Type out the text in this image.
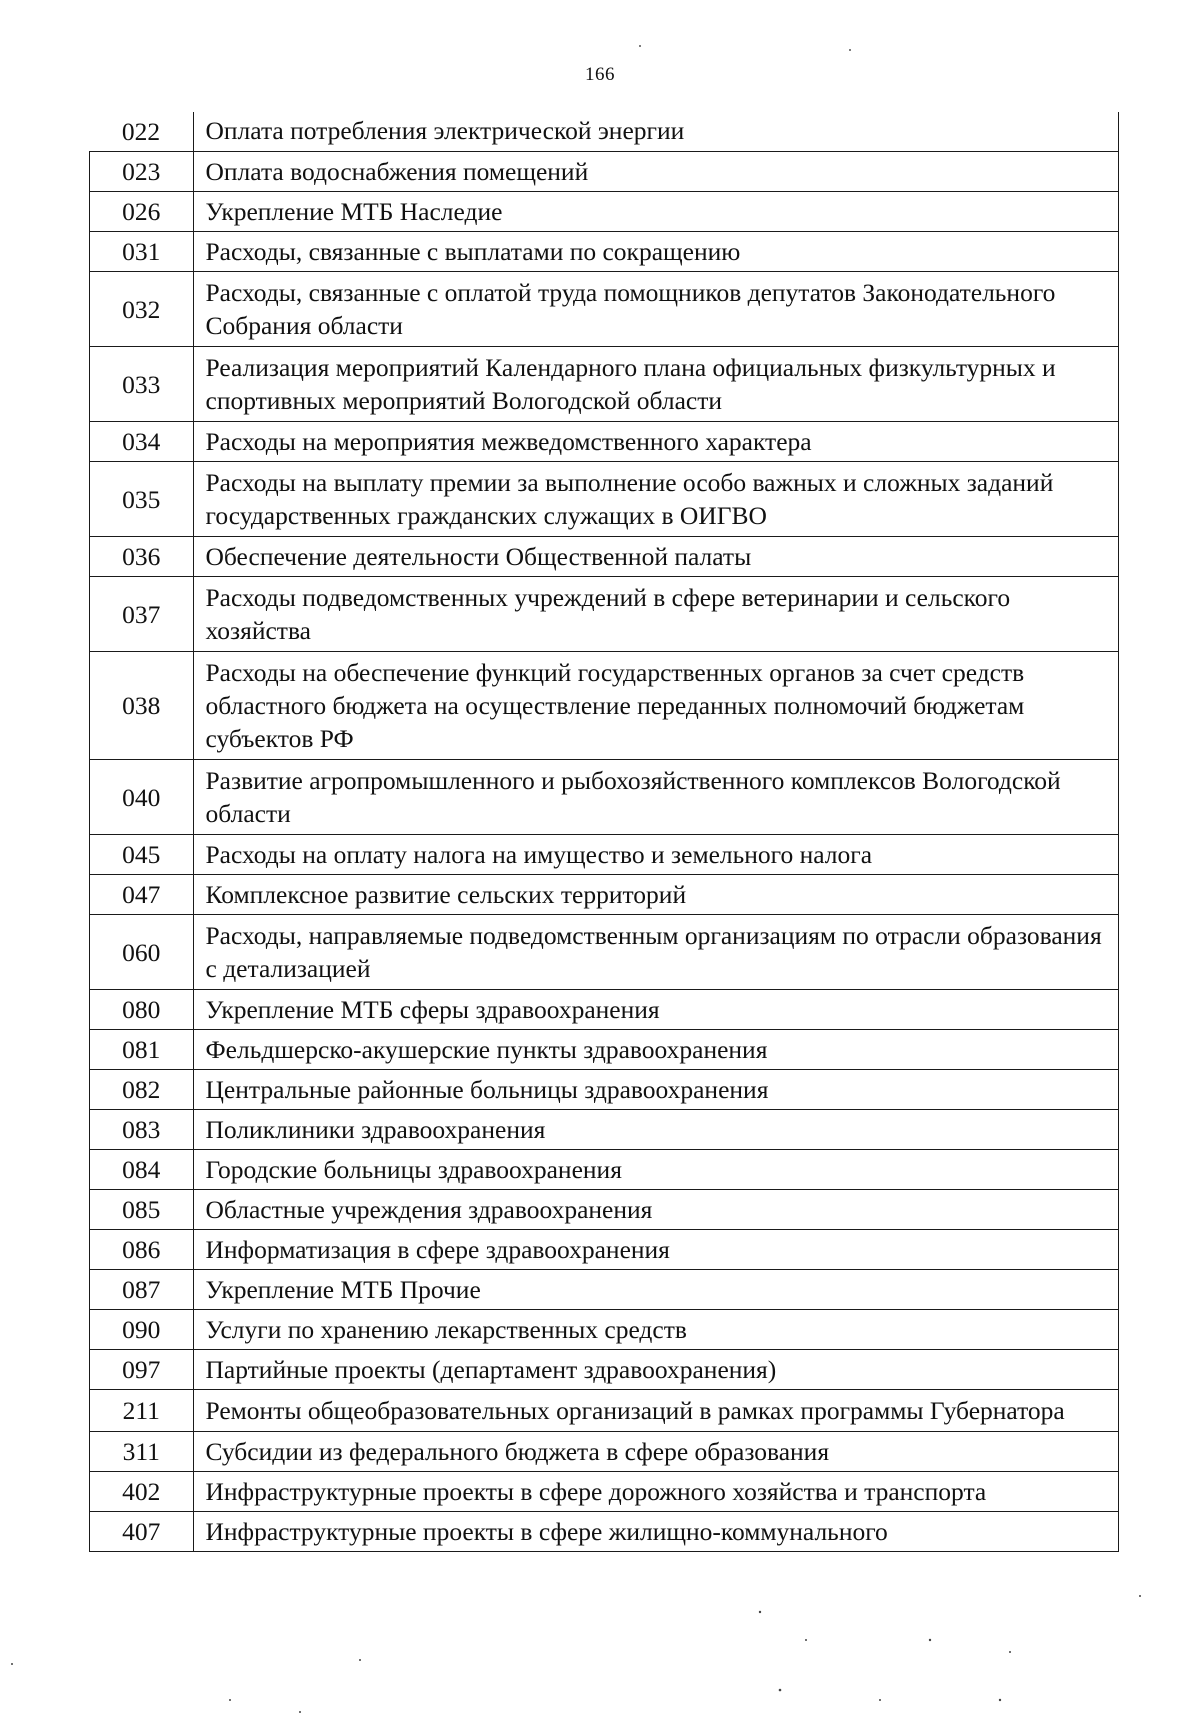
166
022	Оплата потребления электрической энергии
023	Оплата водоснабжения помещений
026	Укрепление МТБ Наследие
031	Расходы, связанные с выплатами по сокращению
032	Расходы, связанные с оплатой труда помощников депутатов Законодательного Собрания области
033	Реализация мероприятий Календарного плана официальных физкультурных и спортивных мероприятий Вологодской области
034	Расходы на мероприятия межведомственного характера
035	Расходы на выплату премии за выполнение особо важных и сложных заданий государственных гражданских служащих в ОИГВО
036	Обеспечение деятельности Общественной палаты
037	Расходы подведомственных учреждений в сфере ветеринарии и сельского хозяйства
038	Расходы на обеспечение функций государственных органов за счет средств областного бюджета на осуществление переданных полномочий бюджетам субъектов РФ
040	Развитие агропромышленного и рыбохозяйственного комплексов Вологодской области
045	Расходы на оплату налога на имущество и земельного налога
047	Комплексное развитие сельских территорий
060	Расходы, направляемые подведомственным организациям по отрасли образования с детализацией
080	Укрепление МТБ сферы здравоохранения
081	Фельдшерско-акушерские пункты здравоохранения
082	Центральные районные больницы здравоохранения
083	Поликлиники здравоохранения
084	Городские больницы здравоохранения
085	Областные учреждения здравоохранения
086	Информатизация в сфере здравоохранения
087	Укрепление МТБ Прочие
090	Услуги по хранению лекарственных средств
097	Партийные проекты (департамент здравоохранения)
211	Ремонты общеобразовательных организаций в рамках программы Губернатора
311	Субсидии из федерального бюджета в сфере образования
402	Инфраструктурные проекты в сфере дорожного хозяйства и транспорта
407	Инфраструктурные проекты в сфере жилищно-коммунального
